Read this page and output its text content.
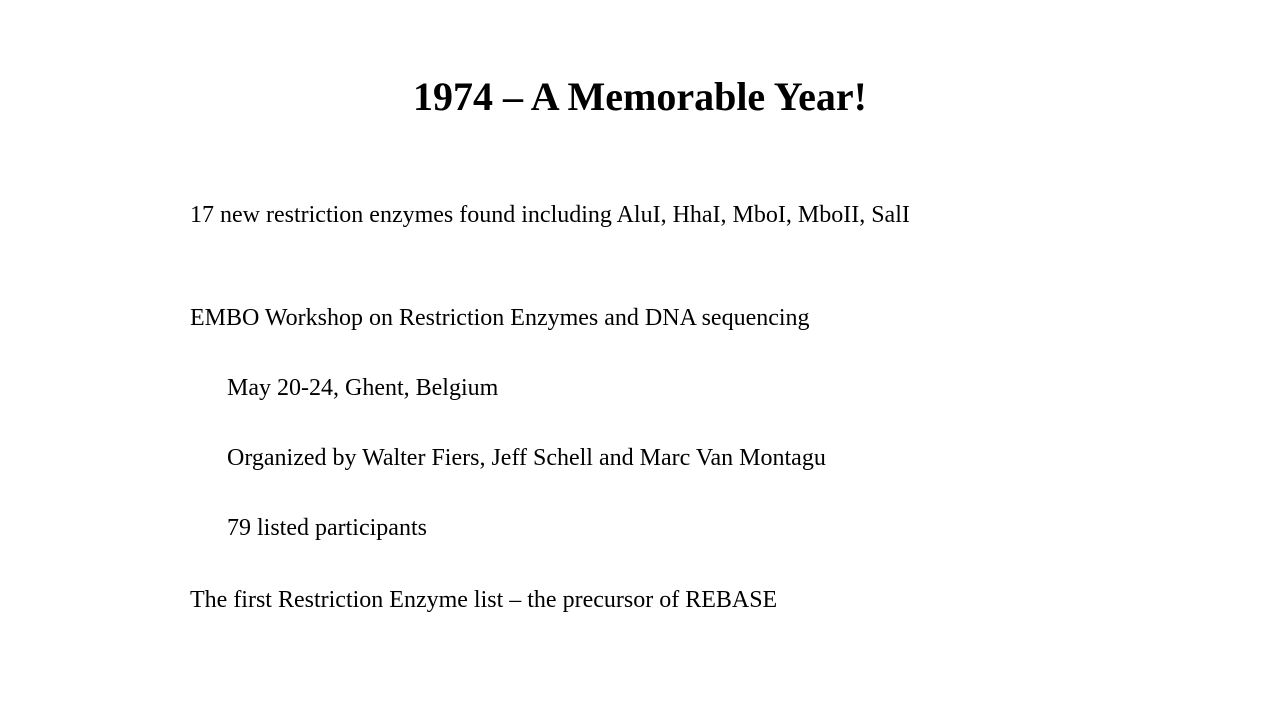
1974 – A Memorable Year!

17 new restriction enzymes found including AluI, HhaI, MboI, MboII, SalI

EMBO Workshop on Restriction Enzymes and DNA sequencing

May 20-24, Ghent, Belgium

Organized by Walter Fiers, Jeff Schell and Marc Van Montagu

79 listed participants

The first Restriction Enzyme list – the precursor of REBASE
